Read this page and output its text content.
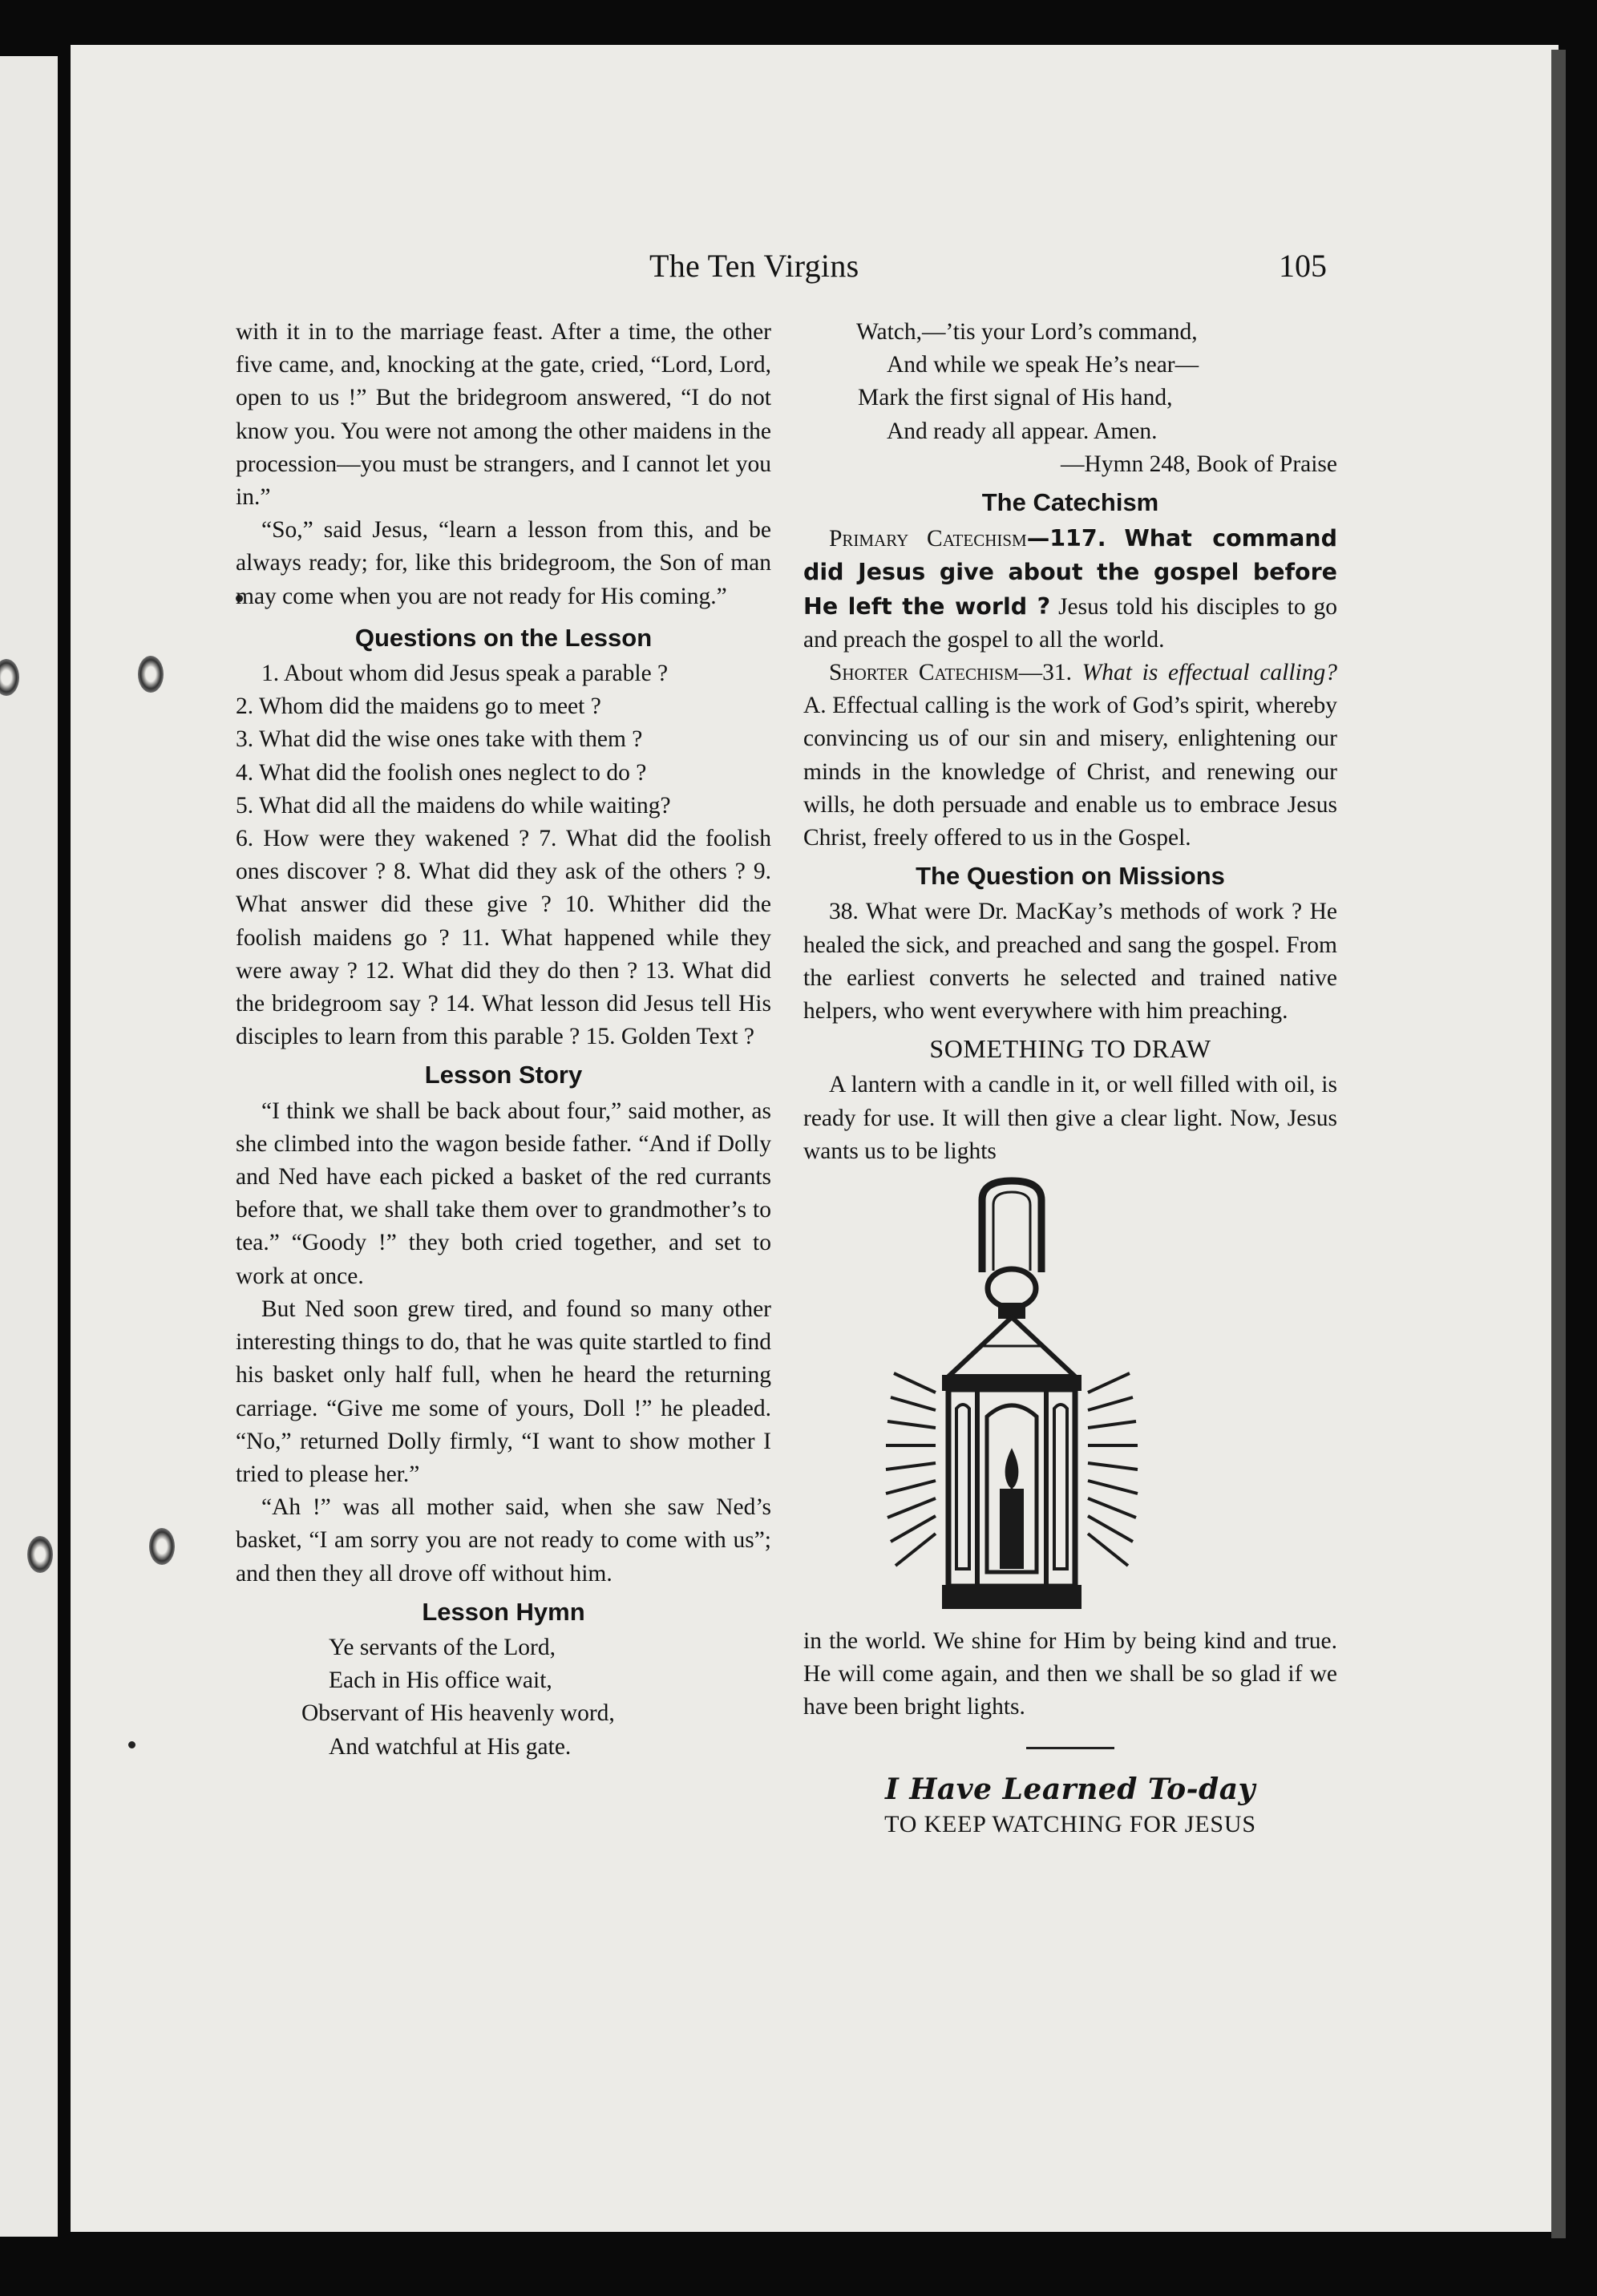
The Ten Virgins	105

with it in to the marriage feast. After a time, the other five came, and, knocking at the gate, cried, “Lord, Lord, open to us !” But the bridegroom answered, “I do not know you. You were not among the other maidens in the procession—you must be strangers, and I cannot let you in.”

“So,” said Jesus, “learn a lesson from this, and be always ready; for, like this bridegroom, the Son of man may come when you are not ready for His coming.”

Questions on the Lesson
1. About whom did Jesus speak a parable ?
2. Whom did the maidens go to meet ?
3. What did the wise ones take with them ?
4. What did the foolish ones neglect to do ?
5. What did all the maidens do while waiting?
6. How were they wakened ? 7. What did the foolish ones discover ? 8. What did they ask of the others ? 9. What answer did these give ? 10. Whither did the foolish maidens go ? 11. What happened while they were away ? 12. What did they do then ? 13. What did the bridegroom say ? 14. What lesson did Jesus tell His disciples to learn from this parable ? 15. Golden Text ?
Lesson Story

“I think we shall be back about four,” said mother, as she climbed into the wagon beside father. “And if Dolly and Ned have each picked a basket of the red currants before that, we shall take them over to grandmother’s to tea.” “Goody !” they both cried together, and set to work at once.

But Ned soon grew tired, and found so many other interesting things to do, that he was quite startled to find his basket only half full, when he heard the returning carriage. “Give me some of yours, Doll !” he pleaded. “No,” returned Dolly firmly, “I want to show mother I tried to please her.”

“Ah !” was all mother said, when she saw Ned’s basket, “I am sorry you are not ready to come with us”; and then they all drove off without him.

Lesson Hymn
Ye servants of the Lord,
Each in His office wait,
Observant of His heavenly word,
And watchful at His gate.
Watch,—’tis your Lord’s command,
And while we speak He’s near—
Mark the first signal of His hand,
And ready all appear. Amen.
—Hymn 248, Book of Praise
The Catechism

Primary Catechism—117. What command did Jesus give about the gospel before He left the world ? Jesus told his disciples to go and preach the gospel to all the world.

Shorter Catechism—31. What is effectual calling? A. Effectual calling is the work of God’s spirit, whereby convincing us of our sin and misery, enlightening our minds in the knowledge of Christ, and renewing our wills, he doth persuade and enable us to embrace Jesus Christ, freely offered to us in the Gospel.

The Question on Missions

38. What were Dr. MacKay’s methods of work ? He healed the sick, and preached and sang the gospel. From the earliest converts he selected and trained native helpers, who went everywhere with him preaching.

SOMETHING TO DRAW

A lantern with a candle in it, or well filled with oil, is ready for use. It will then give a clear light. Now, Jesus wants us to be lights

in the world. We shine for Him by being kind and true. He will come again, and then we shall be so glad if we have been bright lights.

I Have Learned To-day
TO KEEP WATCHING FOR JESUS
